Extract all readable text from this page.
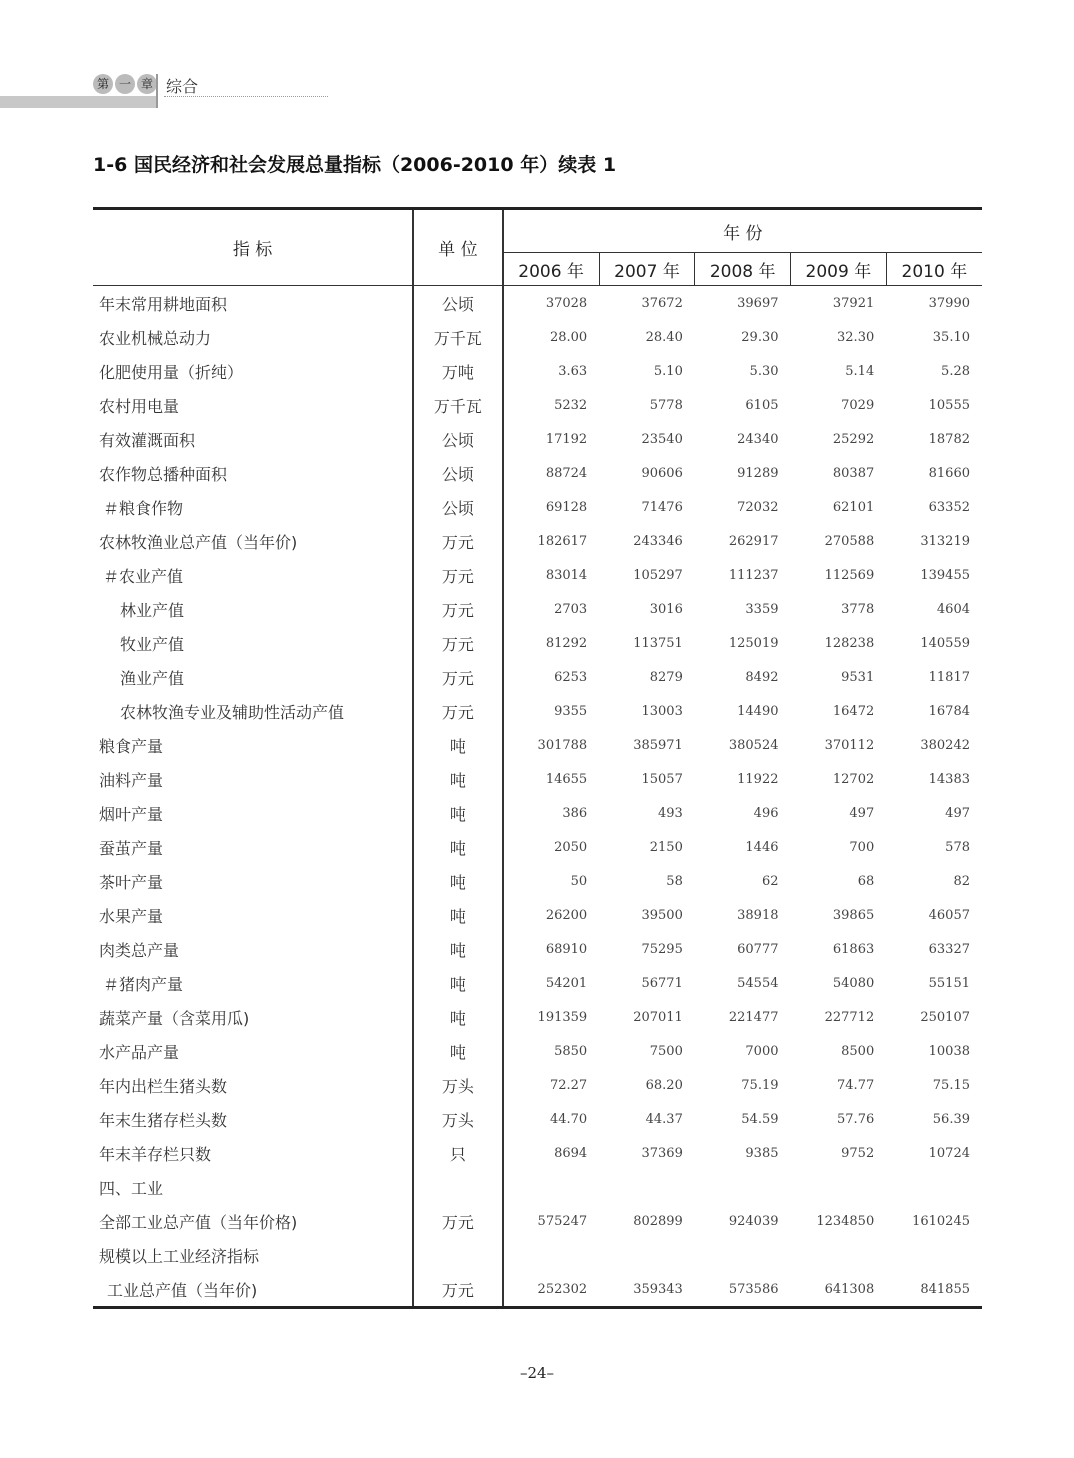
第 一 章 综合
1-6 国民经济和社会发展总量指标（2006-2010 年）续表 1
指 标	单 位	年 份				
		2006 年	2007 年	2008 年	2009 年	2010 年
年末常用耕地面积	公顷	37028	37672	39697	37921	37990
农业机械总动力	万千瓦	28.00	28.40	29.30	32.30	35.10
化肥使用量（折纯）	万吨	3.63	5.10	5.30	5.14	5.28
农村用电量	万千瓦	5232	5778	6105	7029	10555
有效灌溉面积	公顷	17192	23540	24340	25292	18782
农作物总播种面积	公顷	88724	90606	91289	80387	81660
＃粮食作物	公顷	69128	71476	72032	62101	63352
农林牧渔业总产值（当年价)	万元	182617	243346	262917	270588	313219
＃农业产值	万元	83014	105297	111237	112569	139455
林业产值	万元	2703	3016	3359	3778	4604
牧业产值	万元	81292	113751	125019	128238	140559
渔业产值	万元	6253	8279	8492	9531	11817
农林牧渔专业及辅助性活动产值	万元	9355	13003	14490	16472	16784
粮食产量	吨	301788	385971	380524	370112	380242
油料产量	吨	14655	15057	11922	12702	14383
烟叶产量	吨	386	493	496	497	497
蚕茧产量	吨	2050	2150	1446	700	578
茶叶产量	吨	50	58	62	68	82
水果产量	吨	26200	39500	38918	39865	46057
肉类总产量	吨	68910	75295	60777	61863	63327
＃猪肉产量	吨	54201	56771	54554	54080	55151
蔬菜产量（含菜用瓜)	吨	191359	207011	221477	227712	250107
水产品产量	吨	5850	7500	7000	8500	10038
年内出栏生猪头数	万头	72.27	68.20	75.19	74.77	75.15
年末生猪存栏头数	万头	44.70	44.37	54.59	57.76	56.39
年末羊存栏只数	只	8694	37369	9385	9752	10724
四、工业						
全部工业总产值（当年价格)	万元	575247	802899	924039	1234850	1610245
规模以上工业经济指标						
工业总产值（当年价)	万元	252302	359343	573586	641308	841855
–24–
